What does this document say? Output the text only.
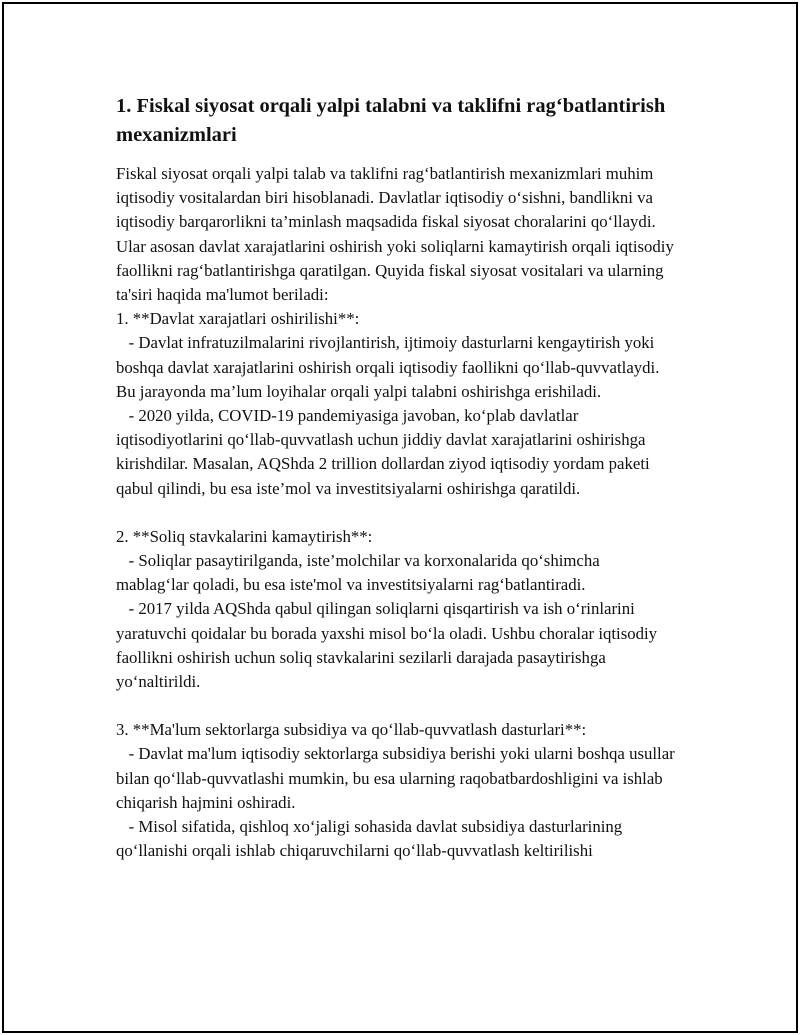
1. Fiskal siyosat orqali yalpi talabni va taklifni rag‘batlantirish mexanizmlari

Fiskal siyosat orqali yalpi talab va taklifni rag‘batlantirish mexanizmlari muhim iqtisodiy vositalardan biri hisoblanadi. Davlatlar iqtisodiy o‘sishni, bandlikni va iqtisodiy barqarorlikni ta’minlash maqsadida fiskal siyosat choralarini qo‘llaydi. Ular asosan davlat xarajatlarini oshirish yoki soliqlarni kamaytirish orqali iqtisodiy faollikni rag‘batlantirishga qaratilgan. Quyida fiskal siyosat vositalari va ularning ta'siri haqida ma'lumot beriladi:

1. **Davlat xarajatlari oshirilishi**:
- Davlat infratuzilmalarini rivojlantirish, ijtimoiy dasturlarni kengaytirish yoki boshqa davlat xarajatlarini oshirish orqali iqtisodiy faollikni qo‘llab-quvvatlaydi. Bu jarayonda ma’lum loyihalar orqali yalpi talabni oshirishga erishiladi.
- 2020 yilda, COVID-19 pandemiyasiga javoban, ko‘plab davlatlar iqtisodiyotlarini qo‘llab-quvvatlash uchun jiddiy davlat xarajatlarini oshirishga kirishdilar. Masalan, AQShda 2 trillion dollardan ziyod iqtisodiy yordam paketi qabul qilindi, bu esa iste’mol va investitsiyalarni oshirishga qaratildi.
2. **Soliq stavkalarini kamaytirish**:
- Soliqlar pasaytirilganda, iste’molchilar va korxonalarida qo‘shimcha mablag‘lar qoladi, bu esa iste'mol va investitsiyalarni rag‘batlantiradi.
- 2017 yilda AQShda qabul qilingan soliqlarni qisqartirish va ish o‘rinlarini yaratuvchi qoidalar bu borada yaxshi misol bo‘la oladi. Ushbu choralar iqtisodiy faollikni oshirish uchun soliq stavkalarini sezilarli darajada pasaytirishga yo‘naltirildi.
3. **Ma'lum sektorlarga subsidiya va qo‘llab-quvvatlash dasturlari**:
- Davlat ma'lum iqtisodiy sektorlarga subsidiya berishi yoki ularni boshqa usullar bilan qo‘llab-quvvatlashi mumkin, bu esa ularning raqobatbardoshligini va ishlab chiqarish hajmini oshiradi.
- Misol sifatida, qishloq xo‘jaligi sohasida davlat subsidiya dasturlarining qo‘llanishi orqali ishlab chiqaruvchilarni qo‘llab-quvvatlash keltirilishi
